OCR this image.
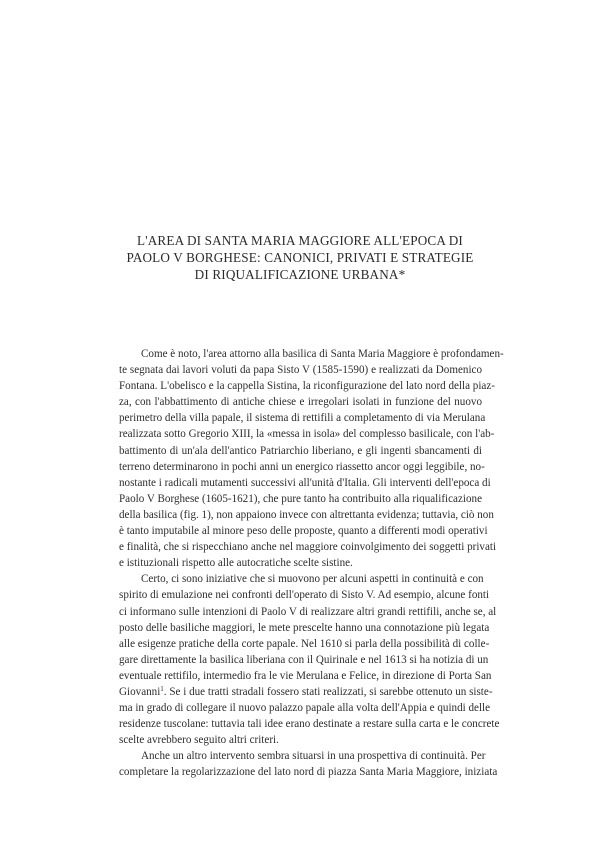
L'AREA DI SANTA MARIA MAGGIORE ALL'EPOCA DI
PAOLO V BORGHESE: CANONICI, PRIVATI E STRATEGIE
DI RIQUALIFICAZIONE URBANA*
Come è noto, l'area attorno alla basilica di Santa Maria Maggiore è profondamen-
te segnata dai lavori voluti da papa Sisto V (1585-1590) e realizzati da Domenico
Fontana. L'obelisco e la cappella Sistina, la riconfigurazione del lato nord della piaz-
za, con l'abbattimento di antiche chiese e irregolari isolati in funzione del nuovo
perimetro della villa papale, il sistema di rettifili a completamento di via Merulana
realizzata sotto Gregorio XIII, la «messa in isola» del complesso basilicale, con l'ab-
battimento di un'ala dell'antico Patriarchio liberiano, e gli ingenti sbancamenti di
terreno determinarono in pochi anni un energico riassetto ancor oggi leggibile, no-
nostante i radicali mutamenti successivi all'unità d'Italia. Gli interventi dell'epoca di
Paolo V Borghese (1605-1621), che pure tanto ha contribuito alla riqualificazione
della basilica (fig. 1), non appaiono invece con altrettanta evidenza; tuttavia, ciò non
è tanto imputabile al minore peso delle proposte, quanto a differenti modi operativi
e finalità, che si rispecchiano anche nel maggiore coinvolgimento dei soggetti privati
e istituzionali rispetto alle autocratiche scelte sistine.
Certo, ci sono iniziative che si muovono per alcuni aspetti in continuità e con
spirito di emulazione nei confronti dell'operato di Sisto V. Ad esempio, alcune fonti
ci informano sulle intenzioni di Paolo V di realizzare altri grandi rettifili, anche se, al
posto delle basiliche maggiori, le mete prescelte hanno una connotazione più legata
alle esigenze pratiche della corte papale. Nel 1610 si parla della possibilità di colle-
gare direttamente la basilica liberiana con il Quirinale e nel 1613 si ha notizia di un
eventuale rettifilo, intermedio fra le vie Merulana e Felice, in direzione di Porta San
Giovanni$^1$. Se i due tratti stradali fossero stati realizzati, si sarebbe ottenuto un siste-
ma in grado di collegare il nuovo palazzo papale alla volta dell'Appia e quindi delle
residenze tuscolane: tuttavia tali idee erano destinate a restare sulla carta e le concrete
scelte avrebbero seguito altri criteri.
Anche un altro intervento sembra situarsi in una prospettiva di continuità. Per
completare la regolarizzazione del lato nord di piazza Santa Maria Maggiore, iniziata
